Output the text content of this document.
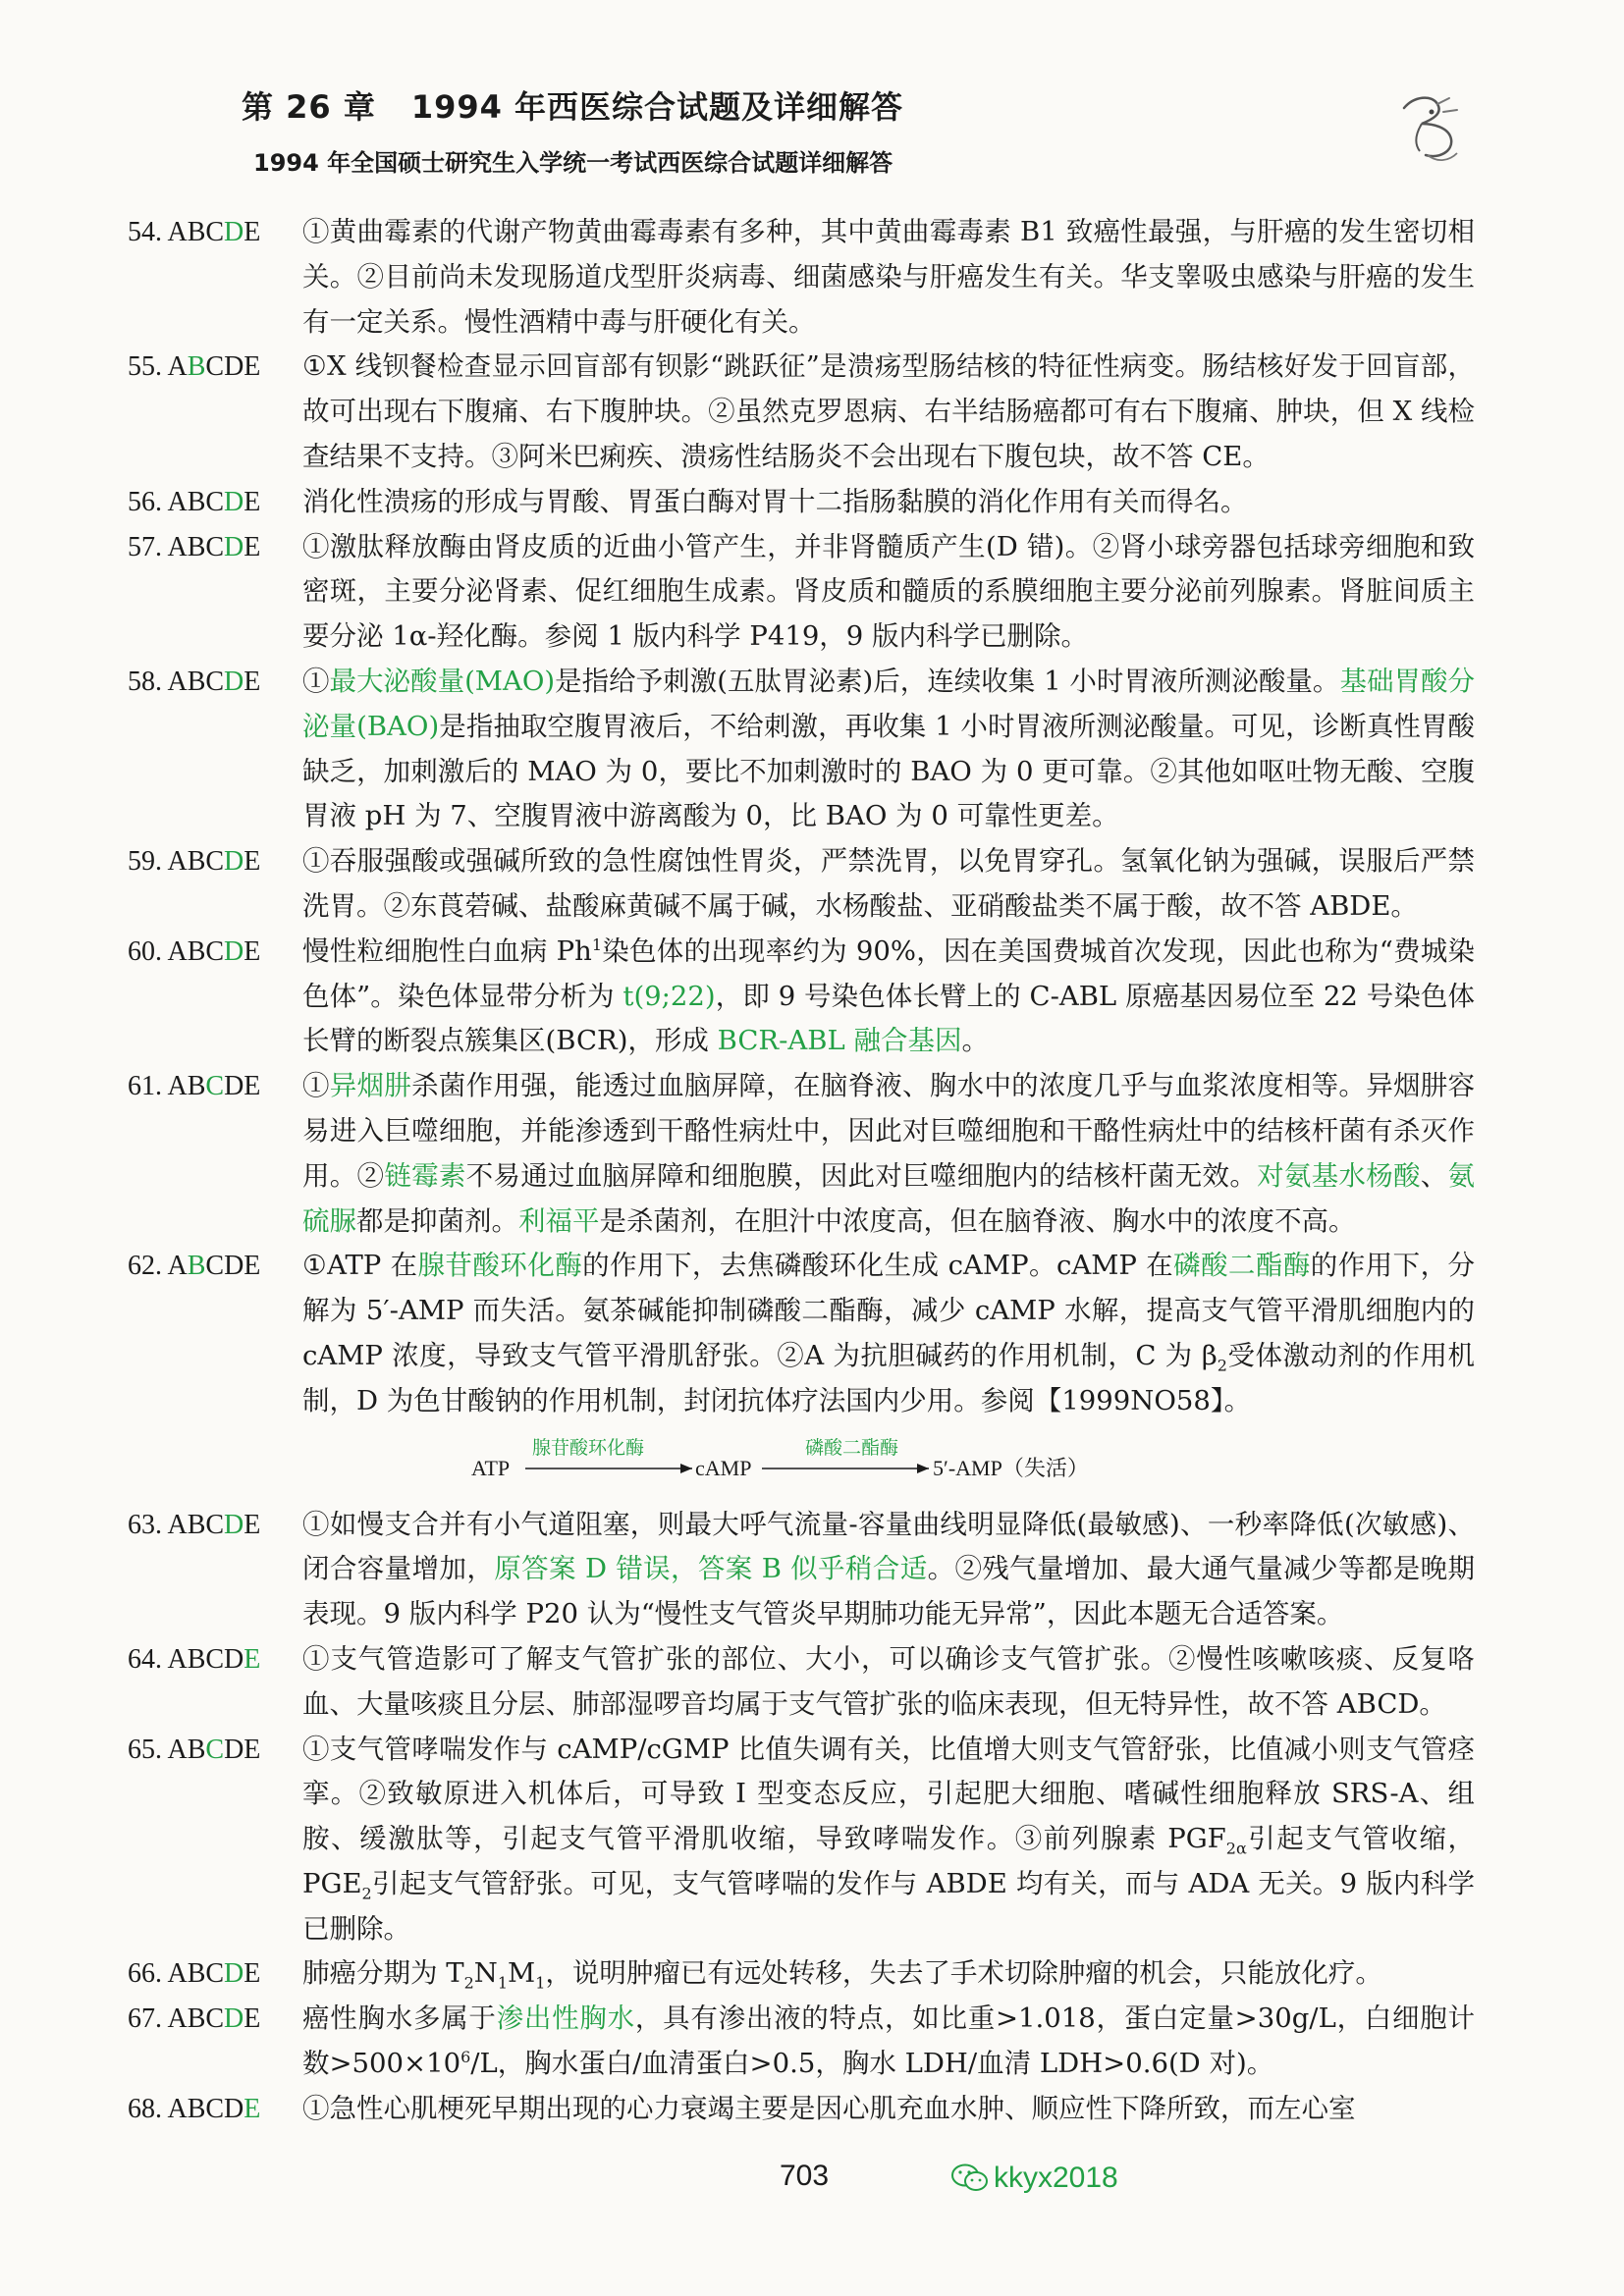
第 26 章 1994 年西医综合试题及详细解答
1994 年全国硕士研究生入学统一考试西医综合试题详细解答
54. ABCDE	①黄曲霉素的代谢产物黄曲霉毒素有多种，其中黄曲霉毒素 B1 致癌性最强，与肝癌的发生密切相关。②目前尚未发现肠道戊型肝炎病毒、细菌感染与肝癌发生有关。华支睾吸虫感染与肝癌的发生有一定关系。慢性酒精中毒与肝硬化有关。
55. ABCDE	①X 线钡餐检查显示回盲部有钡影“跳跃征”是溃疡型肠结核的特征性病变。肠结核好发于回盲部，故可出现右下腹痛、右下腹肿块。②虽然克罗恩病、右半结肠癌都可有右下腹痛、肿块，但 X 线检查结果不支持。③阿米巴痢疾、溃疡性结肠炎不会出现右下腹包块，故不答 CE。
56. ABCDE	消化性溃疡的形成与胃酸、胃蛋白酶对胃十二指肠黏膜的消化作用有关而得名。
57. ABCDE	①激肽释放酶由肾皮质的近曲小管产生，并非肾髓质产生(D 错)。②肾小球旁器包括球旁细胞和致密斑，主要分泌肾素、促红细胞生成素。肾皮质和髓质的系膜细胞主要分泌前列腺素。肾脏间质主要分泌 1α-羟化酶。参阅 1 版内科学 P419，9 版内科学已删除。
58. ABCDE	①最大泌酸量(MAO)是指给予刺激(五肽胃泌素)后，连续收集 1 小时胃液所测泌酸量。基础胃酸分泌量(BAO)是指抽取空腹胃液后，不给刺激，再收集 1 小时胃液所测泌酸量。可见，诊断真性胃酸缺乏，加刺激后的 MAO 为 0，要比不加刺激时的 BAO 为 0 更可靠。②其他如呕吐物无酸、空腹胃液 pH 为 7、空腹胃液中游离酸为 0，比 BAO 为 0 可靠性更差。
59. ABCDE	①吞服强酸或强碱所致的急性腐蚀性胃炎，严禁洗胃，以免胃穿孔。氢氧化钠为强碱，误服后严禁洗胃。②东莨菪碱、盐酸麻黄碱不属于碱，水杨酸盐、亚硝酸盐类不属于酸，故不答 ABDE。
60. ABCDE	慢性粒细胞性白血病 Ph$^1$染色体的出现率约为 90%，因在美国费城首次发现，因此也称为“费城染色体”。染色体显带分析为 t(9;22)，即 9 号染色体长臂上的 C-ABL 原癌基因易位至 22 号染色体长臂的断裂点簇集区(BCR)，形成 BCR-ABL 融合基因。
61. ABCDE	①异烟肼杀菌作用强，能透过血脑屏障，在脑脊液、胸水中的浓度几乎与血浆浓度相等。异烟肼容易进入巨噬细胞，并能渗透到干酪性病灶中，因此对巨噬细胞和干酪性病灶中的结核杆菌有杀灭作用。②链霉素不易通过血脑屏障和细胞膜，因此对巨噬细胞内的结核杆菌无效。对氨基水杨酸、氨硫脲都是抑菌剂。利福平是杀菌剂，在胆汁中浓度高，但在脑脊液、胸水中的浓度不高。
62. ABCDE	①ATP 在腺苷酸环化酶的作用下，去焦磷酸环化生成 cAMP。cAMP 在磷酸二酯酶的作用下，分解为 5′-AMP 而失活。氨茶碱能抑制磷酸二酯酶，减少 cAMP 水解，提高支气管平滑肌细胞内的 cAMP 浓度，导致支气管平滑肌舒张。②A 为抗胆碱药的作用机制，C 为 $\beta_2$受体激动剂的作用机制，D 为色甘酸钠的作用机制，封闭抗体疗法国内少用。参阅【1999NO58】。
ATP
腺苷酸环化酶
cAMP
磷酸二酯酶
5′-AMP（失活）
63. ABCDE	①如慢支合并有小气道阻塞，则最大呼气流量-容量曲线明显降低(最敏感)、一秒率降低(次敏感)、闭合容量增加，原答案 D 错误，答案 B 似乎稍合适。②残气量增加、最大通气量减少等都是晚期表现。9 版内科学 P20 认为“慢性支气管炎早期肺功能无异常”，因此本题无合适答案。
64. ABCDE	①支气管造影可了解支气管扩张的部位、大小，可以确诊支气管扩张。②慢性咳嗽咳痰、反复咯血、大量咳痰且分层、肺部湿啰音均属于支气管扩张的临床表现，但无特异性，故不答 ABCD。
65. ABCDE	①支气管哮喘发作与 cAMP/cGMP 比值失调有关，比值增大则支气管舒张，比值减小则支气管痉挛。②致敏原进入机体后，可导致 Ⅰ 型变态反应，引起肥大细胞、嗜碱性细胞释放 SRS-A、组胺、缓激肽等，引起支气管平滑肌收缩，导致哮喘发作。③前列腺素 $PGF_{2\alpha}$引起支气管收缩，$PGE_2$引起支气管舒张。可见，支气管哮喘的发作与 ABDE 均有关，而与 ADA 无关。9 版内科学已删除。
66. ABCDE	肺癌分期为 $T_2N_1M_1$，说明肿瘤已有远处转移，失去了手术切除肿瘤的机会，只能放化疗。
67. ABCDE	癌性胸水多属于渗出性胸水，具有渗出液的特点，如比重>1.018，蛋白定量>30g/L，白细胞计数$>500\times 10^6/L$，胸水蛋白/血清蛋白>0.5，胸水 LDH/血清 LDH>0.6(D 对)。
68. ABCDE	①急性心肌梗死早期出现的心力衰竭主要是因心肌充血水肿、顺应性下降所致，而左心室
703	kkyx2018
